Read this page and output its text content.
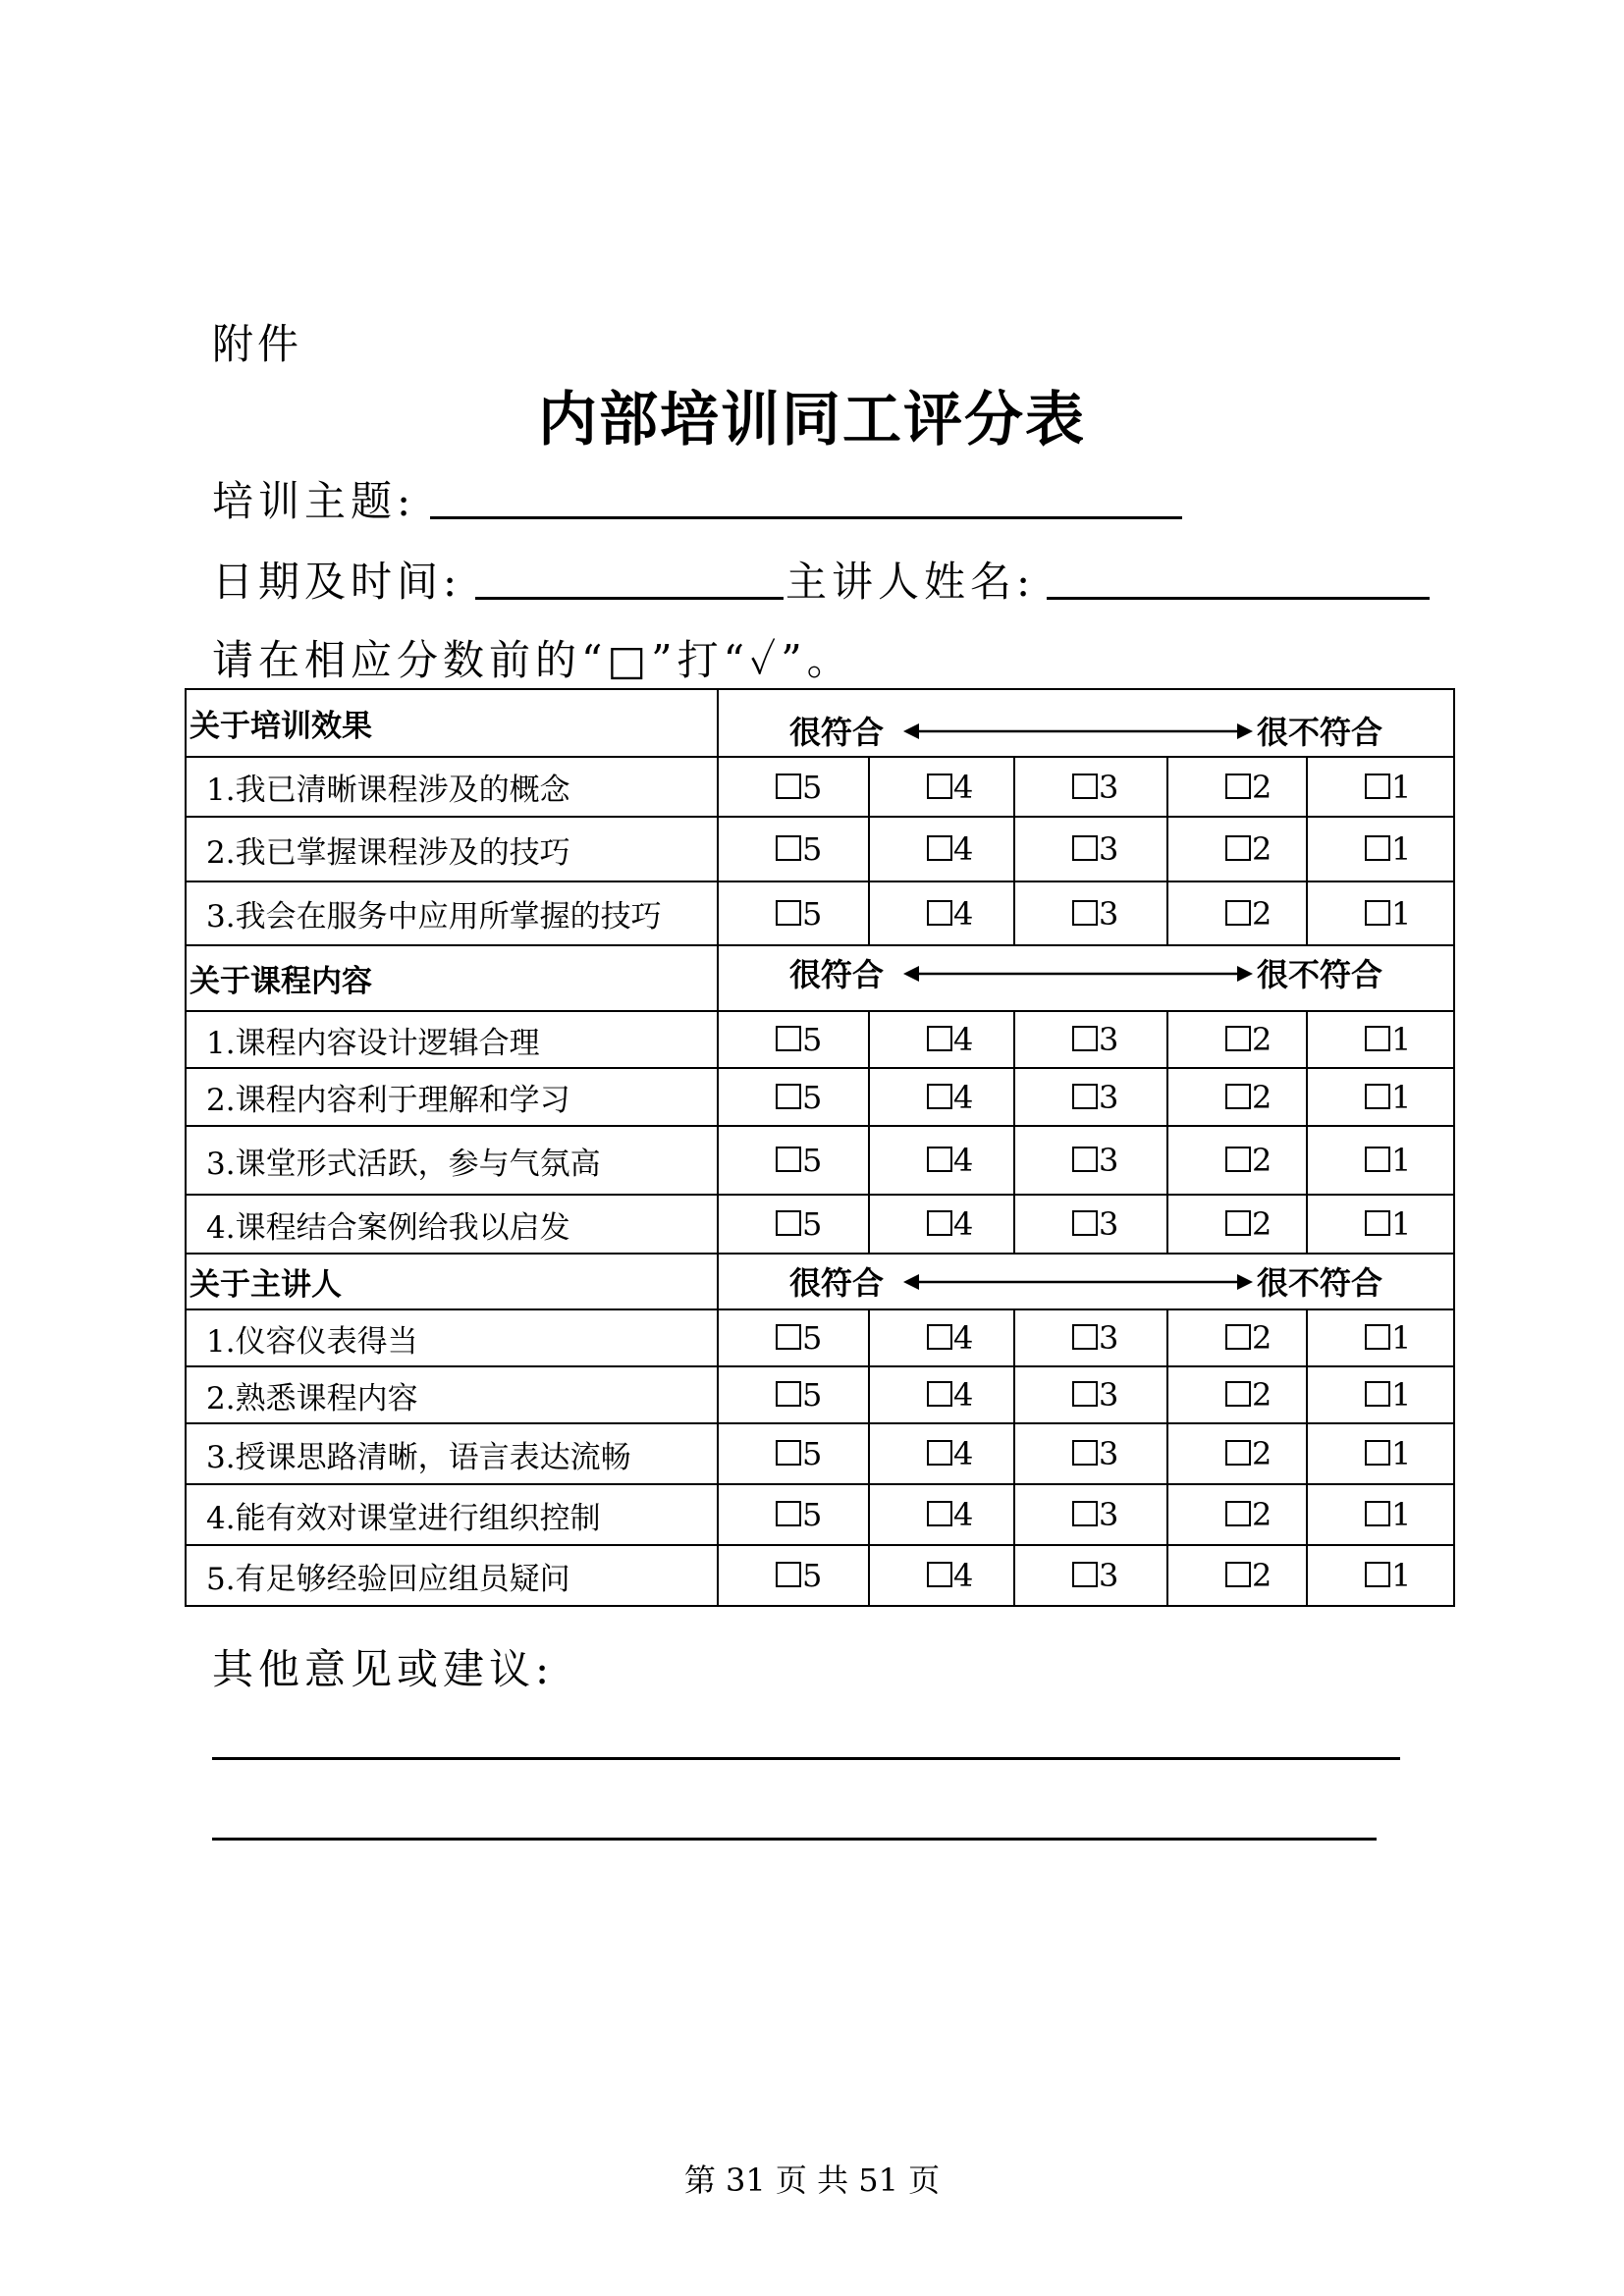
附件
内部培训同工评分表
培训主题:
日期及时间:	主讲人姓名:
请在相应分数前的“□”打“✓”。
关于培训效果	很符合 很不符合				

1.我已清晰课程涉及的概念	5	4	3	2	1
2.我已掌握课程涉及的技巧	5	4	3	2	1
3.我会在服务中应用所掌握的技巧	5	4	3	2	1
关于课程内容	很符合 很不符合				

1.课程内容设计逻辑合理	5	4	3	2	1
2.课程内容利于理解和学习	5	4	3	2	1
3.课堂形式活跃，参与气氛高	5	4	3	2	1
4.课程结合案例给我以启发	5	4	3	2	1
关于主讲人	很符合 很不符合				

1.仪容仪表得当	5	4	3	2	1
2.熟悉课程内容	5	4	3	2	1
3.授课思路清晰，语言表达流畅	5	4	3	2	1
4.能有效对课堂进行组织控制	5	4	3	2	1
5.有足够经验回应组员疑问	5	4	3	2	1
其他意见或建议:
第 31 页 共 51 页
